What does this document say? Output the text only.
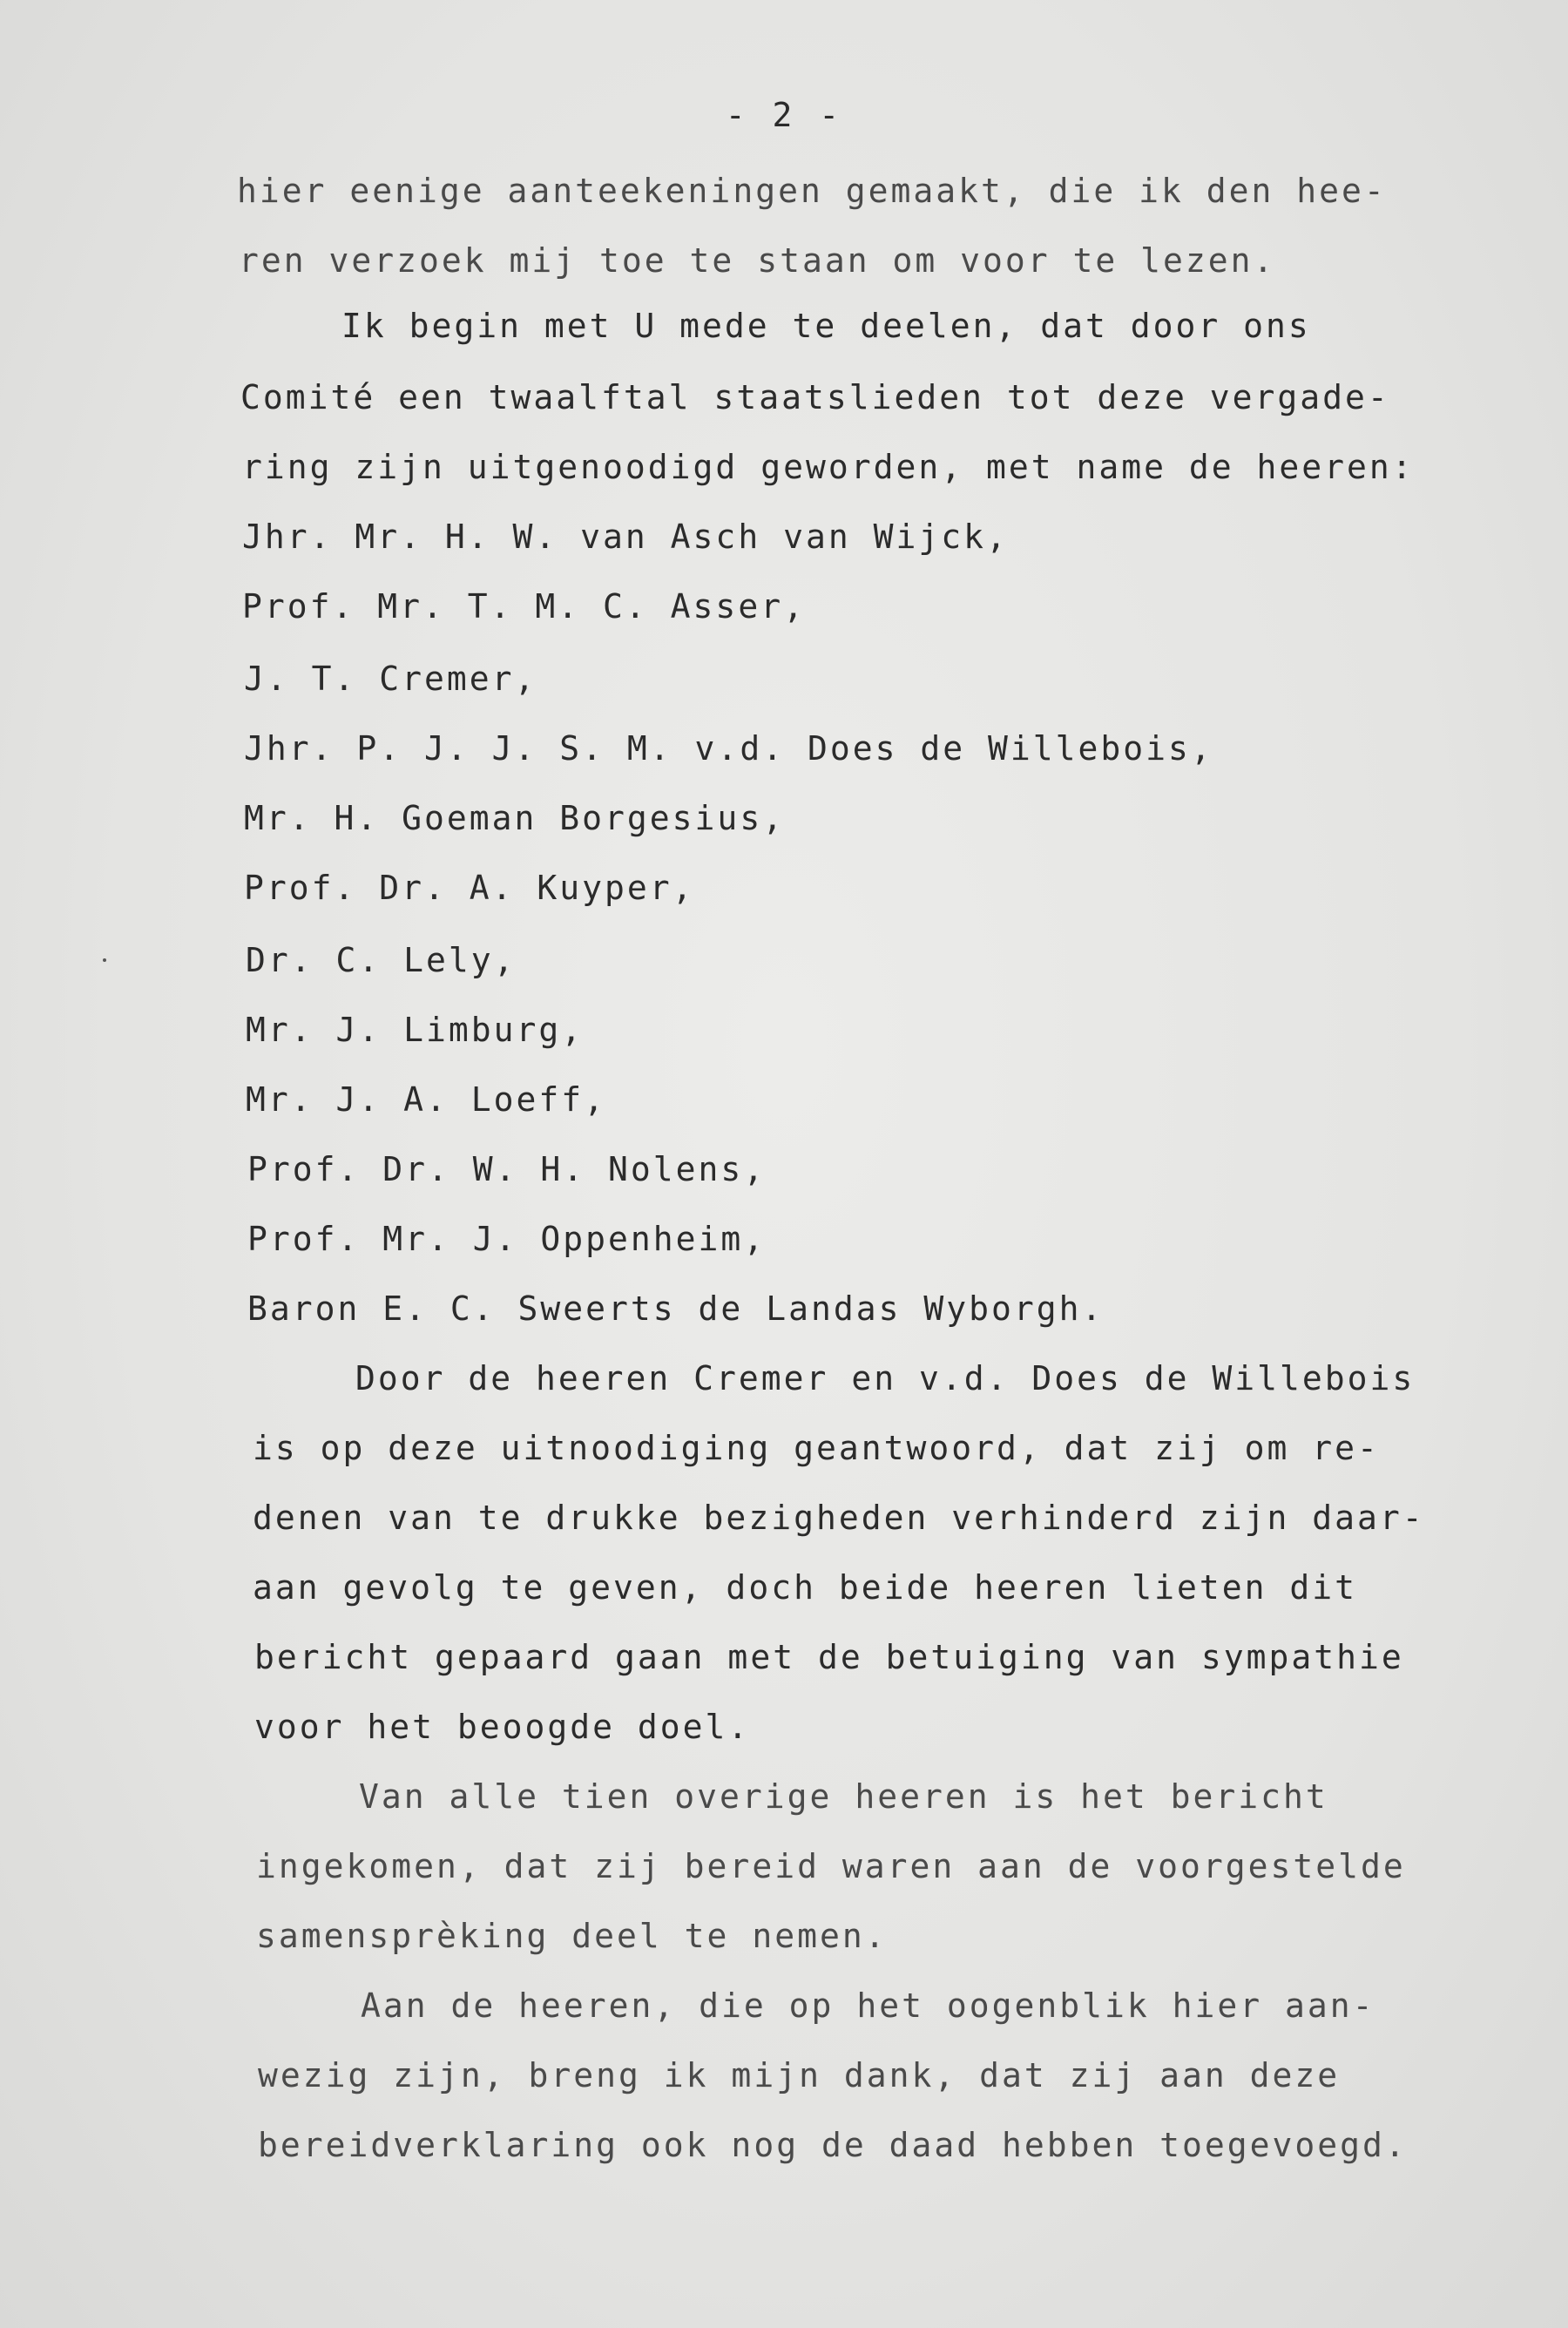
- 2 -
hier eenige aanteekeningen gemaakt, die ik den hee-
ren verzoek mij toe te staan om voor te lezen.
Ik begin met U mede te deelen, dat door ons
Comité een twaalftal staatslieden tot deze vergade-
ring zijn uitgenoodigd geworden, met name de heeren:
Jhr. Mr. H. W. van Asch van Wijck,
Prof. Mr. T. M. C. Asser,
J. T. Cremer,
Jhr. P. J. J. S. M. v.d. Does de Willebois,
Mr. H. Goeman Borgesius,
Prof. Dr. A. Kuyper,
Dr. C. Lely,
Mr. J. Limburg,
Mr. J. A. Loeff,
Prof. Dr. W. H. Nolens,
Prof. Mr. J. Oppenheim,
Baron E. C. Sweerts de Landas Wyborgh.
Door de heeren Cremer en v.d. Does de Willebois
is op deze uitnoodiging geantwoord, dat zij om re-
denen van te drukke bezigheden verhinderd zijn daar-
aan gevolg te geven, doch beide heeren lieten dit
bericht gepaard gaan met de betuiging van sympathie
voor het beoogde doel.
Van alle tien overige heeren is het bericht
ingekomen, dat zij bereid waren aan de voorgestelde
samensprèking deel te nemen.
Aan de heeren, die op het oogenblik hier aan-
wezig zijn, breng ik mijn dank, dat zij aan deze
bereidverklaring ook nog de daad hebben toegevoegd.
